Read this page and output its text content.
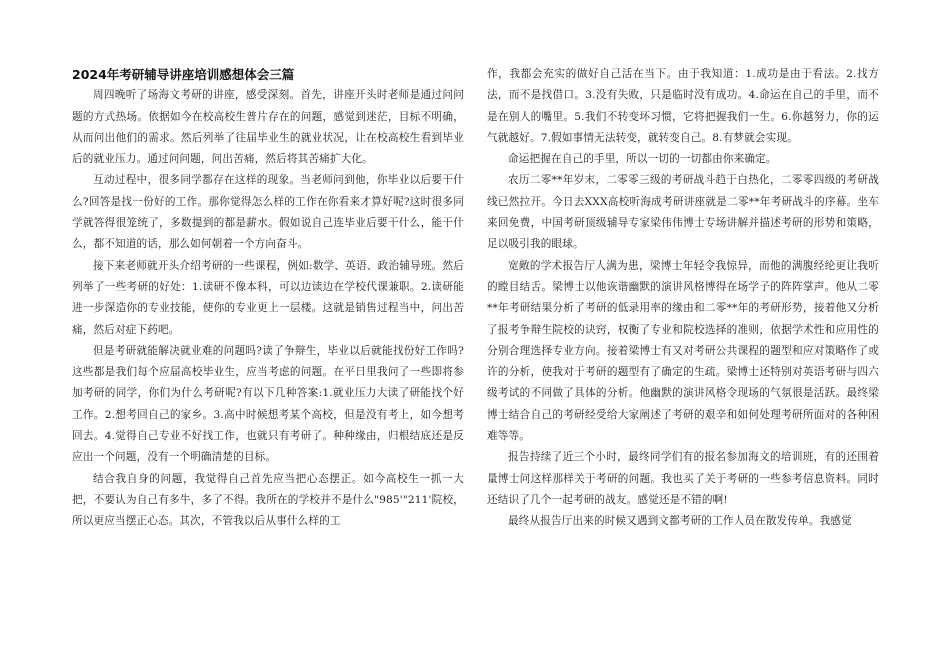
2024年考研辅导讲座培训感想体会三篇

周四晚听了场海文考研的讲座，感受深刻。首先，讲座开头时老师是通过问问题的方式热场。依据如今在校高校生普片存在的问题，感觉到迷茫，目标不明确，从而问出他们的需求。然后列举了往届毕业生的就业状况，让在校高校生看到毕业后的就业压力。通过问问题，问出苦痛，然后将其苦痛扩大化。

互动过程中，很多同学都存在这样的现象。当老师问到他，你毕业以后要干什么?回答是找一份好的工作。那你觉得怎么样的工作在你看来才算好呢?这时很多同学就答得很笼统了，多数提到的都是薪水。假如说自己连毕业后要干什么，能干什么，都不知道的话，那么如何朝着一个方向奋斗。

接下来老师就开头介绍考研的一些课程，例如:数学、英语、政治辅导班。然后列举了一些考研的好处：1.读研不像本科，可以边读边在学校代课兼职。2.读研能进一步深造你的专业技能，使你的专业更上一层楼。这就是销售过程当中，问出苦痛，然后对症下药吧。

但是考研就能解决就业难的问题吗?读了争辩生，毕业以后就能找份好工作吗?这些都是我们每个应届高校毕业生，应当考虑的问题。在平日里我问了一些即将参加考研的同学，你们为什么考研呢?有以下几种答案:1.就业压力大读了研能找个好工作。2.想考回自己的家乡。3.高中时候想考某个高校，但是没有考上，如今想考回去。4.觉得自己专业不好找工作，也就只有考研了。种种缘由，归根结底还是反应出一个问题，没有一个明确清楚的目标。

结合我自身的问题，我觉得自己首先应当把心态摆正。如今高校生一抓一大把，不要认为自己有多牛，多了不得。我所在的学校并不是什么"985'"211'院校，所以更应当摆正心态。其次，不管我以后从事什么样的工

作，我都会充实的做好自己活在当下。由于我知道：1.成功是由于看法。2.找方法，而不是找借口。3.没有失败，只是临时没有成功。4.命运在自己的手里，而不是在别人的嘴里。5.我们不转变坏习惯，它将把握我们一生。6.你越努力，你的运气就越好。7.假如事情无法转变，就转变自己。8.有梦就会实现。

命运把握在自己的手里，所以一切的一切都由你来确定。

农历二零**年岁末，二零零三级的考研战斗趋于白热化，二零零四级的考研战线已然拉开。今日去XXX高校听海成考研讲座就是二零**年考研战斗的序幕。坐车来回免费，中国考研顶级辅导专家梁伟伟博士专场讲解并描述考研的形势和策略，足以吸引我的眼球。

宽敞的学术报告厅人满为患，梁博士年轻令我惊异，而他的满腹经纶更让我听的瞠目结舌。梁博士以他诙谐幽默的演讲风格博得在场学子的阵阵掌声。他从二零**年考研结果分析了考研的低录用率的缘由和二零**年的考研形势，接着他又分析了报考争辩生院校的诀窍，权衡了专业和院校选择的准则，依据学术性和应用性的分别合理选择专业方向。接着梁博士有又对考研公共课程的题型和应对策略作了或许的分析，使我对于考研的题型有了确定的生疏。梁博士还特别对英语考研与四六级考试的不同做了具体的分析。他幽默的演讲风格令现场的气氛很是活跃。最终梁博士结合自己的考研经受给大家阐述了考研的艰辛和如何处理考研所面对的各种困难等等。

报告持续了近三个小时，最终同学们有的报名参加海文的培训班，有的还围着量博士问这样那样关于考研的问题。我也买了关于考研的一些参考信息资料。同时还结识了几个一起考研的战友。感觉还是不错的啊!

最终从报告厅出来的时候又遇到文都考研的工作人员在散发传单。我感觉
